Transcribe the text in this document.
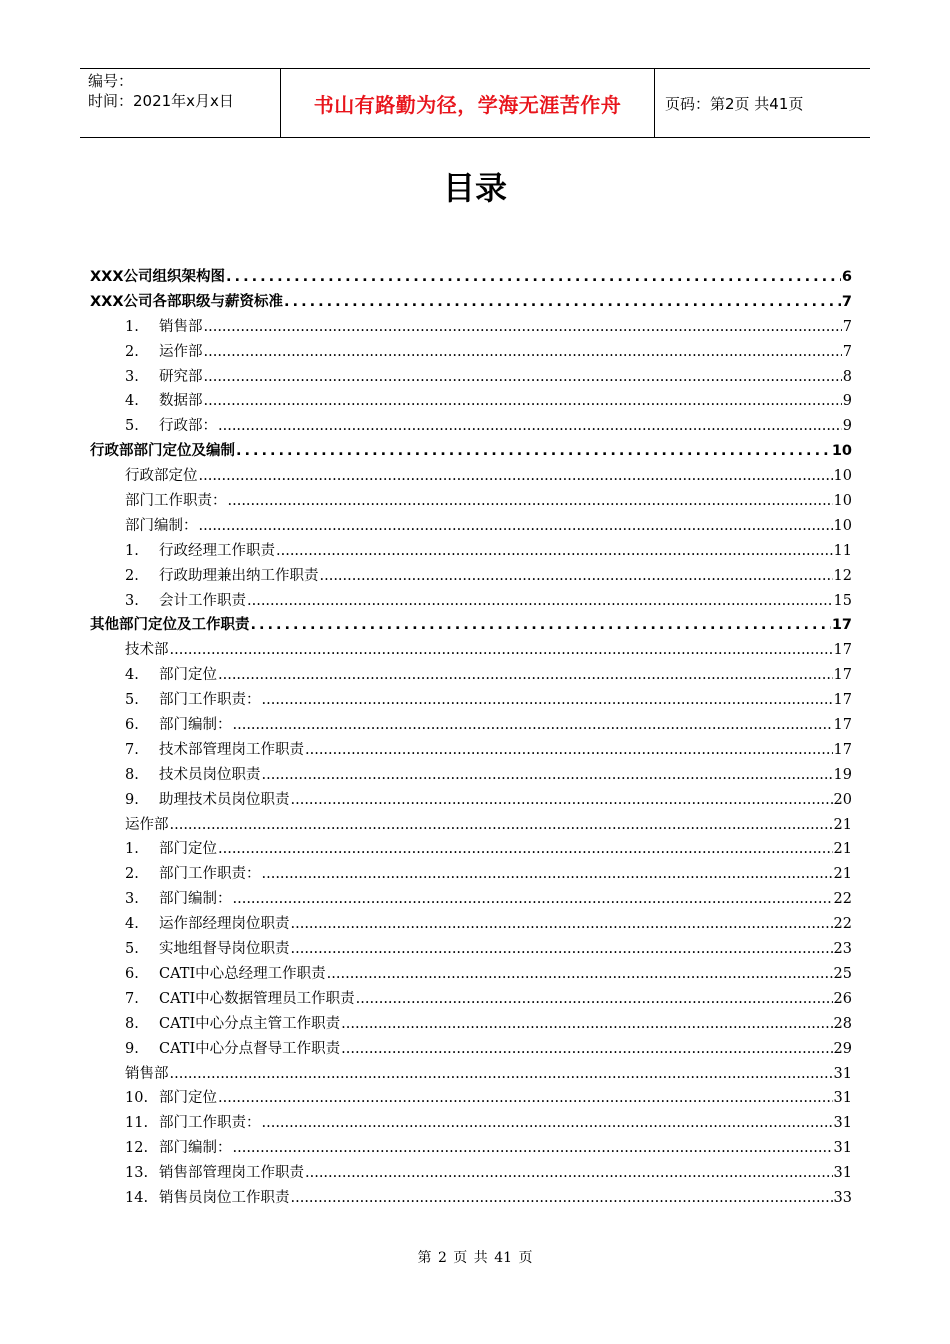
编号：
时间：2021年x月x日	书山有路勤为径，学海无涯苦作舟	页码：第2页 共41页
目录
XXX公司组织架构图 .....	6
XXX公司各部职级与薪资标准 .....	7
1.	销售部 .....	7
2.	运作部 .....	7
3.	研究部 .....	8
4.	数据部 .....	9
5.	行政部： .....	9
行政部部门定位及编制 .....	10
行政部定位 .....	10
部门工作职责： .....	10
部门编制： .....	10
1.	行政经理工作职责 .....	11
2.	行政助理兼出纳工作职责 .....	12
3.	会计工作职责 .....	15
其他部门定位及工作职责 .....	17
技术部 .....	17
4.	部门定位 .....	17
5.	部门工作职责： .....	17
6.	部门编制： .....	17
7.	技术部管理岗工作职责 .....	17
8.	技术员岗位职责 .....	19
9.	助理技术员岗位职责 .....	20
运作部 .....	21
1.	部门定位 .....	21
2.	部门工作职责： .....	21
3.	部门编制： .....	22
4.	运作部经理岗位职责 .....	22
5.	实地组督导岗位职责 .....	23
6.	CATI中心总经理工作职责 .....	25
7.	CATI中心数据管理员工作职责 .....	26
8.	CATI中心分点主管工作职责 .....	28
9.	CATI中心分点督导工作职责 .....	29
销售部 .....	31
10. 部门定位 .....	31
11. 部门工作职责： .....	31
12. 部门编制： .....	31
13. 销售部管理岗工作职责 .....	31
14. 销售员岗位工作职责 .....	33
第 2 页 共 41 页
